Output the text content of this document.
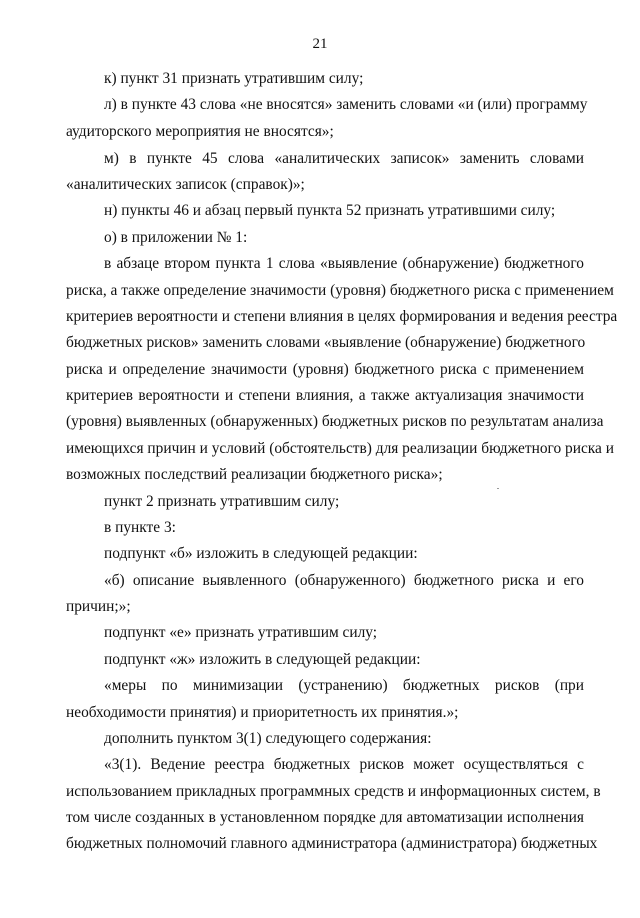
21
к) пункт 31 признать утратившим силу;
л) в пункте 43 слова «не вносятся» заменить словами «и (или) программу
аудиторского мероприятия не вносятся»;
м) в пункте 45 слова «аналитических записок» заменить словами
«аналитических записок (справок)»;
н) пункты 46 и абзац первый пункта 52 признать утратившими силу;
о) в приложении № 1:
в абзаце втором пункта 1 слова «выявление (обнаружение) бюджетного
риска, а также определение значимости (уровня) бюджетного риска с применением
критериев вероятности и степени влияния в целях формирования и ведения реестра
бюджетных рисков» заменить словами «выявление (обнаружение) бюджетного
риска и определение значимости (уровня) бюджетного риска с применением
критериев вероятности и степени влияния, а также актуализация значимости
(уровня) выявленных (обнаруженных) бюджетных рисков по результатам анализа
имеющихся причин и условий (обстоятельств) для реализации бюджетного риска и
возможных последствий реализации бюджетного риска»;
пункт 2 признать утратившим силу;
в пункте 3:
подпункт «б» изложить в следующей редакции:
«б) описание выявленного (обнаруженного) бюджетного риска и его
причин;»;
подпункт «е» признать утратившим силу;
подпункт «ж» изложить в следующей редакции:
«меры по минимизации (устранению) бюджетных рисков (при
необходимости принятия) и приоритетность их принятия.»;
дополнить пунктом 3(1) следующего содержания:
«3(1). Ведение реестра бюджетных рисков может осуществляться с
использованием прикладных программных средств и информационных систем, в
том числе созданных в установленном порядке для автоматизации исполнения
бюджетных полномочий главного администратора (администратора) бюджетных
